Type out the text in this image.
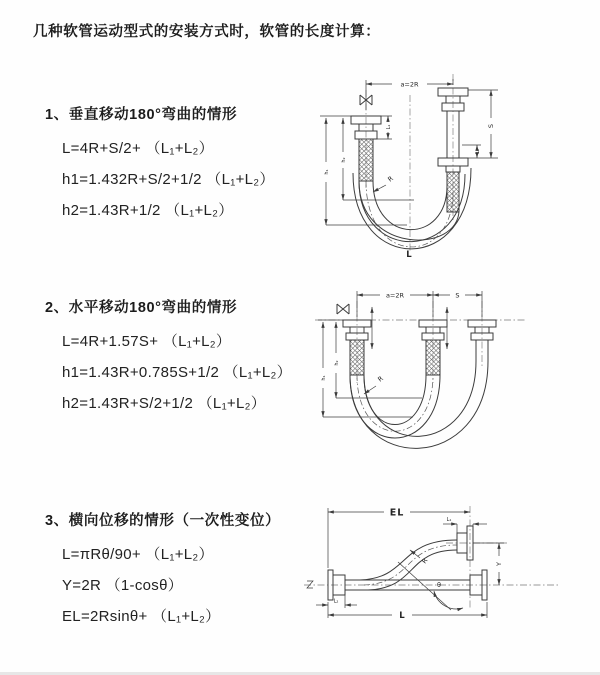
几种软管运动型式的安装方式时，软管的长度计算：
1、垂直移动180°弯曲的情形
L=4R+S/2+ （L₁+L₂）
h1=1.432R+S/2+1/2 （L₁+L₂）
h2=1.43R+1/2 （L₁+L₂）
2、水平移动180°弯曲的情形
L=4R+1.57S+ （L₁+L₂）
h1=1.43R+0.785S+1/2 （L₁+L₂）
h2=1.43R+S/2+1/2 （L₁+L₂）
3、横向位移的情形（一次性变位）
L=πRθ/90+ （L₁+L₂）
Y=2R （1-cosθ）
EL=2Rsinθ+ （L₁+L₂）
a=2R
S
L₁
L₁
h₂
h₁
R
L
a=2R	S
h₂
h₁	R
EL
L₁
Y
L
L₂
θ
R
